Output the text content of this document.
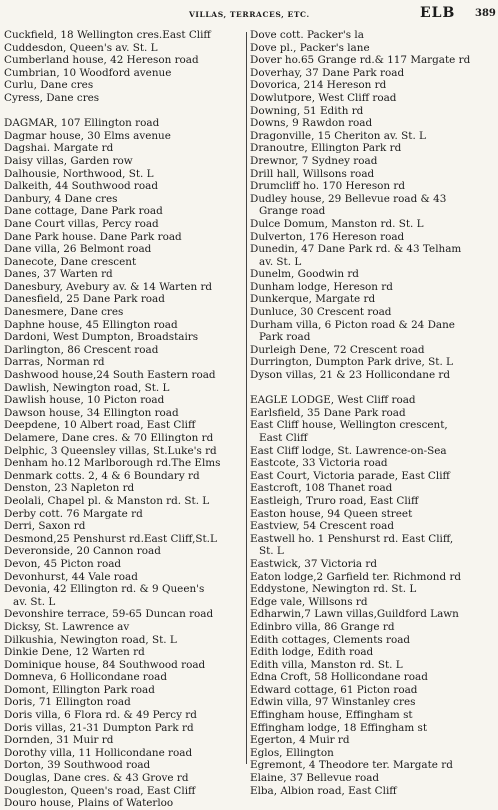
VILLAS, TERRACES, ETC.	ELB 389
Cuckfield, 18 Wellington cres.East Cliff
Cuddesdon, Queen's av. St. L
Cumberland house, 42 Hereson road
Cumbrian, 10 Woodford avenue
Curlu, Dane cres
Cyress, Dane cres
DAGMAR, 107 Ellington road
Dagmar house, 30 Elms avenue
Dagshai. Margate rd
Daisy villas, Garden row
Dalhousie, Northwood, St. L
Dalkeith, 44 Southwood road
Danbury, 4 Dane cres
Dane cottage, Dane Park road
Dane Court villas, Percy road
Dane Park house. Dane Park road
Dane villa, 26 Belmont road
Danecote, Dane crescent
Danes, 37 Warten rd
Danesbury, Avebury av. & 14 Warten rd
Danesfield, 25 Dane Park road
Danesmere, Dane cres
Daphne house, 45 Ellington road
Dardoni, West Dumpton, Broadstairs
Darlington, 86 Crescent road
Darras, Norman rd
Dashwood house,24 South Eastern road
Dawlish, Newington road, St. L
Dawlish house, 10 Picton road
Dawson house, 34 Ellington road
Deepdene, 10 Albert road, East Cliff
Delamere, Dane cres. & 70 Ellington rd
Delphic, 3 Queensley villas, St.Luke's rd
Denham ho.12 Marlborough rd.The Elms
Denmark cotts. 2, 4 & 6 Boundary rd
Denston, 23 Napleton rd
Deolali, Chapel pl. & Manston rd. St. L
Derby cott. 76 Margate rd
Derri, Saxon rd
Desmond,25 Penshurst rd.East Cliff,St.L
Deveronside, 20 Cannon road
Devon, 45 Picton road
Devonhurst, 44 Vale road
Devonia, 42 Ellington rd. & 9 Queen's
av. St. L
Devonshire terrace, 59-65 Duncan road
Dicksy, St. Lawrence av
Dilkushia, Newington road, St. L
Dinkie Dene, 12 Warten rd
Dominique house, 84 Southwood road
Domneva, 6 Hollicondane road
Domont, Ellington Park road
Doris, 71 Ellington road
Doris villa, 6 Flora rd. & 49 Percy rd
Doris villas, 21-31 Dumpton Park rd
Dornden, 31 Muir rd
Dorothy villa, 11 Hollicondane road
Dorton, 39 Southwood road
Douglas, Dane cres. & 43 Grove rd
Dougleston, Queen's road, East Cliff
Douro house, Plains of Waterloo
Dove cott. Packer's la
Dove pl., Packer's lane
Dover ho.65 Grange rd.& 117 Margate rd
Doverhay, 37 Dane Park road
Dovorica, 214 Hereson rd
Dowlutpore, West Cliff road
Downing, 51 Edith rd
Downs, 9 Rawdon road
Dragonville, 15 Cheriton av. St. L
Dranoutre, Ellington Park rd
Drewnor, 7 Sydney road
Drill hall, Willsons road
Drumcliff ho. 170 Hereson rd
Dudley house, 29 Bellevue road & 43
Grange road
Dulce Domum, Manston rd. St. L
Dulverton, 176 Hereson road
Dunedin, 47 Dane Park rd. & 43 Telham
av. St. L
Dunelm, Goodwin rd
Dunham lodge, Hereson rd
Dunkerque, Margate rd
Dunluce, 30 Crescent road
Durham villa, 6 Picton road & 24 Dane
Park road
Durleigh Dene, 72 Crescent road
Durrington, Dumpton Park drive, St. L
Dyson villas, 21 & 23 Hollicondane rd
EAGLE LODGE, West Cliff road
Earlsfield, 35 Dane Park road
East Cliff house, Wellington crescent,
East Cliff
East Cliff lodge, St. Lawrence-on-Sea
Eastcote, 33 Victoria road
East Court, Victoria parade, East Cliff
Eastcroft, 108 Thanet road
Eastleigh, Truro road, East Cliff
Easton house, 94 Queen street
Eastview, 54 Crescent road
Eastwell ho. 1 Penshurst rd. East Cliff,
St. L
Eastwick, 37 Victoria rd
Eaton lodge,2 Garfield ter. Richmond rd
Eddystone, Newington rd. St. L
Edge vale, Willsons rd
Edharwin,7 Lawn villas,Guildford Lawn
Edinbro villa, 86 Grange rd
Edith cottages, Clements road
Edith lodge, Edith road
Edith villa, Manston rd. St. L
Edna Croft, 58 Hollicondane road
Edward cottage, 61 Picton road
Edwin villa, 97 Winstanley cres
Effingham house, Effingham st
Effingham lodge, 18 Effingham st
Egerton, 4 Muir rd
Eglos, Ellington
Egremont, 4 Theodore ter. Margate rd
Elaine, 37 Bellevue road
Elba, Albion road, East Cliff
